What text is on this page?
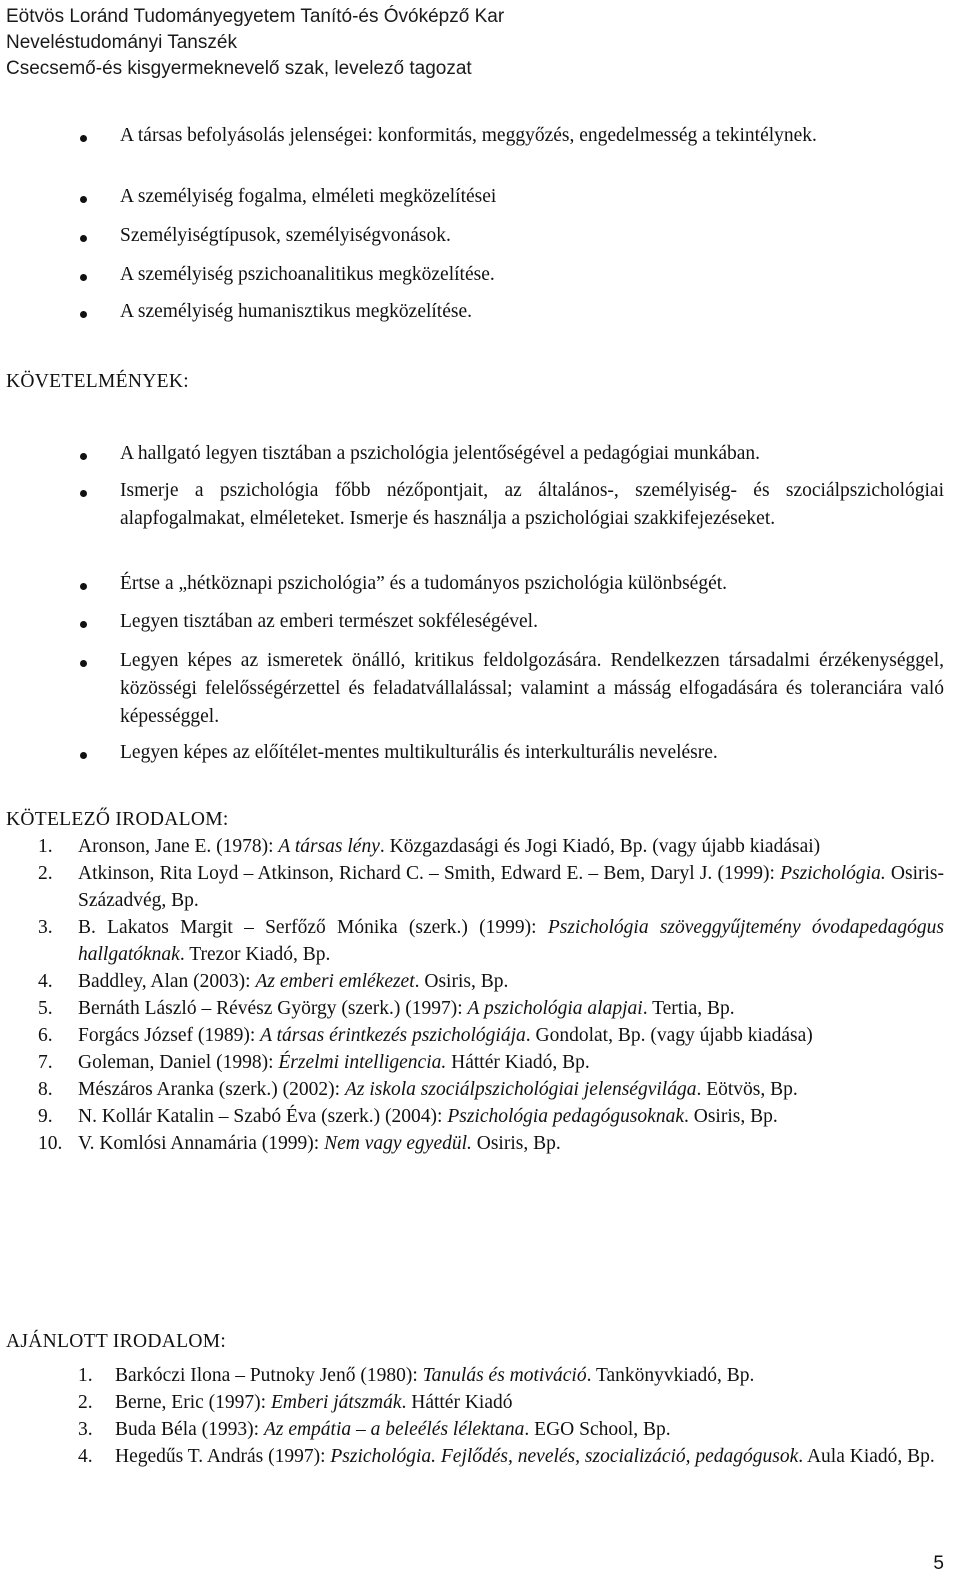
Eötvös Loránd Tudományegyetem Tanító-és Óvóképző Kar
Neveléstudományi Tanszék
Csecsemő-és kisgyermeknevelő szak, levelező tagozat
A társas befolyásolás jelenségei: konformitás, meggyőzés, engedelmesség a tekintélynek.
A személyiség fogalma, elméleti megközelítései
Személyiségtípusok, személyiségvonások.
A személyiség pszichoanalitikus megközelítése.
A személyiség humanisztikus megközelítése.
KÖVETELMÉNYEK:
A hallgató legyen tisztában a pszichológia jelentőségével a pedagógiai munkában.
Ismerje a pszichológia főbb nézőpontjait, az általános-, személyiség- és szociálpszichológiai alapfogalmakat, elméleteket. Ismerje és használja a pszichológiai szakkifejezéseket.
Értse a „hétköznapi pszichológia” és a tudományos pszichológia különbségét.
Legyen tisztában az emberi természet sokféleségével.
Legyen képes az ismeretek önálló, kritikus feldolgozására. Rendelkezzen társadalmi érzékenységgel, közösségi felelősségérzettel és feladatvállalással; valamint a másság elfogadására és toleranciára való képességgel.
Legyen képes az előítélet-mentes multikulturális és interkulturális nevelésre.
KÖTELEZŐ IRODALOM:
1. Aronson, Jane E. (1978): A társas lény. Közgazdasági és Jogi Kiadó, Bp. (vagy újabb kiadásai)
2. Atkinson, Rita Loyd – Atkinson, Richard C. – Smith, Edward E. – Bem, Daryl J. (1999): Pszichológia. Osiris-Századvég, Bp.
3. B. Lakatos Margit – Serfőző Mónika (szerk.) (1999): Pszichológia szöveggyűjtemény óvodapedagógus hallgatóknak. Trezor Kiadó, Bp.
4. Baddley, Alan (2003): Az emberi emlékezet. Osiris, Bp.
5. Bernáth László – Révész György (szerk.) (1997): A pszichológia alapjai. Tertia, Bp.
6. Forgács József (1989): A társas érintkezés pszichológiája. Gondolat, Bp. (vagy újabb kiadása)
7. Goleman, Daniel (1998): Érzelmi intelligencia. Háttér Kiadó, Bp.
8. Mészáros Aranka (szerk.) (2002): Az iskola szociálpszichológiai jelenségvilága. Eötvös, Bp.
9. N. Kollár Katalin – Szabó Éva (szerk.) (2004): Pszichológia pedagógusoknak. Osiris, Bp.
10. V. Komlósi Annamária (1999): Nem vagy egyedül. Osiris, Bp.
AJÁNLOTT IRODALOM:
1. Barkóczi Ilona – Putnoky Jenő (1980): Tanulás és motiváció. Tankönyvkiadó, Bp.
2. Berne, Eric (1997): Emberi játszmák. Háttér Kiadó
3. Buda Béla (1993): Az empátia – a beleélés lélektana. EGO School, Bp.
4. Hegedűs T. András (1997): Pszichológia. Fejlődés, nevelés, szocializáció, pedagógusok. Aula Kiadó, Bp.
5
